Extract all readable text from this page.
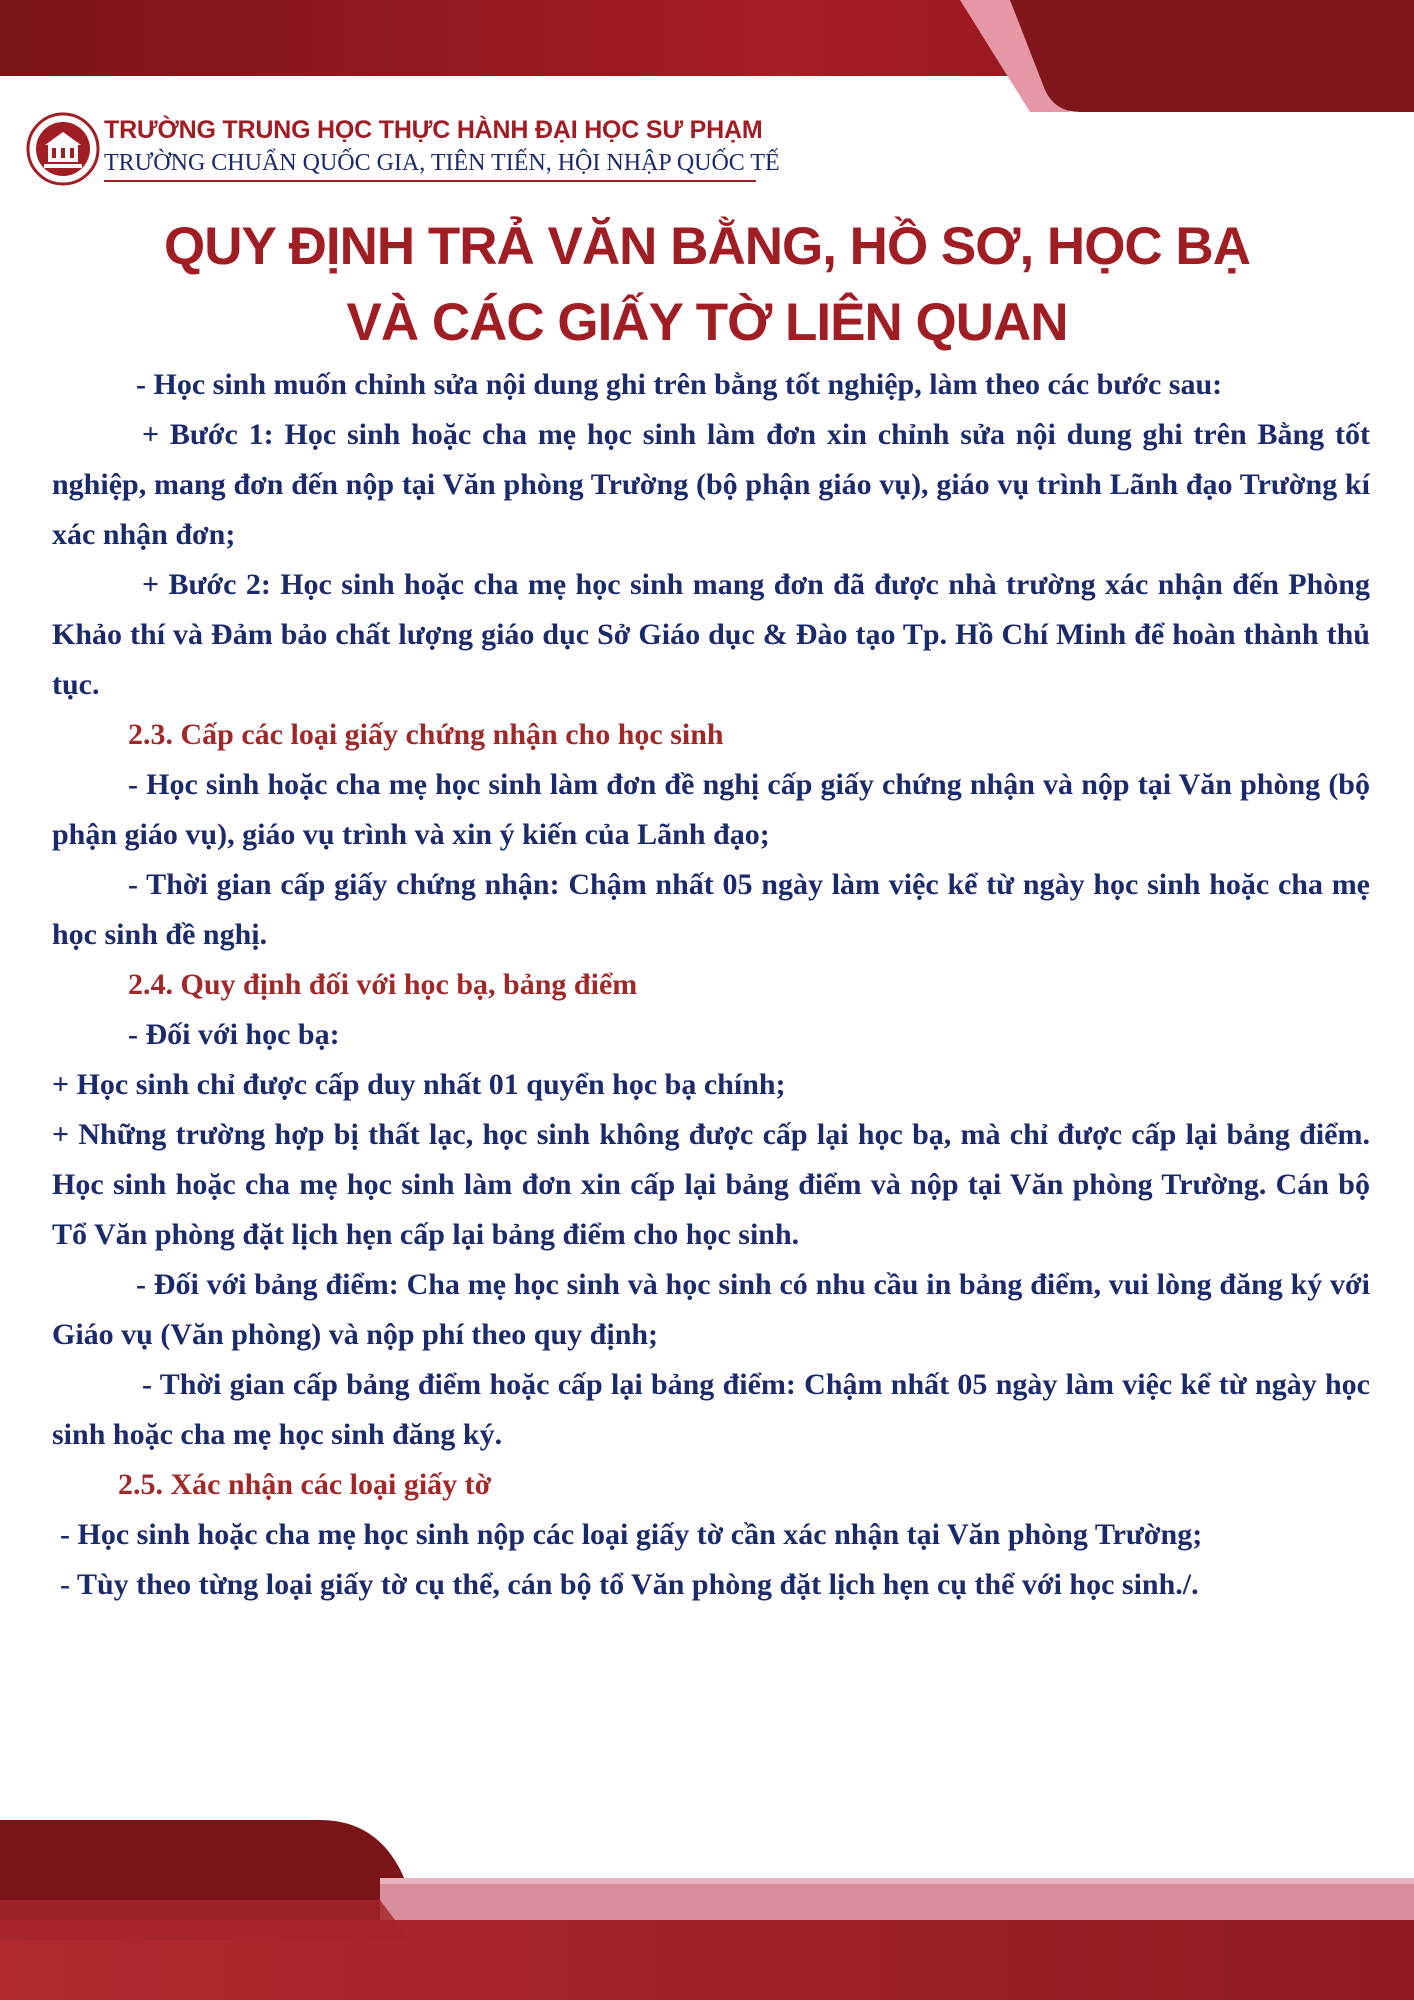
TRƯỜNG TRUNG HỌC THỰC HÀNH ĐẠI HỌC SƯ PHẠM
TRƯỜNG CHUẨN QUỐC GIA, TIÊN TIẾN, HỘI NHẬP QUỐC TẾ
QUY ĐỊNH TRẢ VĂN BẰNG, HỒ SƠ, HỌC BẠ
VÀ CÁC GIẤY TỜ LIÊN QUAN

- Học sinh muốn chỉnh sửa nội dung ghi trên bằng tốt nghiệp, làm theo các bước sau:

+ Bước 1: Học sinh hoặc cha mẹ học sinh làm đơn xin chỉnh sửa nội dung ghi trên Bằng tốt nghiệp, mang đơn đến nộp tại Văn phòng Trường (bộ phận giáo vụ), giáo vụ trình Lãnh đạo Trường kí xác nhận đơn;

+ Bước 2: Học sinh hoặc cha mẹ học sinh mang đơn đã được nhà trường xác nhận đến Phòng Khảo thí và Đảm bảo chất lượng giáo dục Sở Giáo dục & Đào tạo Tp. Hồ Chí Minh để hoàn thành thủ tục.

2.3. Cấp các loại giấy chứng nhận cho học sinh

- Học sinh hoặc cha mẹ học sinh làm đơn đề nghị cấp giấy chứng nhận và nộp tại Văn phòng (bộ phận giáo vụ), giáo vụ trình và xin ý kiến của Lãnh đạo;

- Thời gian cấp giấy chứng nhận: Chậm nhất 05 ngày làm việc kể từ ngày học sinh hoặc cha mẹ học sinh đề nghị.

2.4. Quy định đối với học bạ, bảng điểm

- Đối với học bạ:

+ Học sinh chỉ được cấp duy nhất 01 quyển học bạ chính;

+ Những trường hợp bị thất lạc, học sinh không được cấp lại học bạ, mà chỉ được cấp lại bảng điểm. Học sinh hoặc cha mẹ học sinh làm đơn xin cấp lại bảng điểm và nộp tại Văn phòng Trường. Cán bộ Tổ Văn phòng đặt lịch hẹn cấp lại bảng điểm cho học sinh.

- Đối với bảng điểm: Cha mẹ học sinh và học sinh có nhu cầu in bảng điểm, vui lòng đăng ký với Giáo vụ (Văn phòng) và nộp phí theo quy định;

- Thời gian cấp bảng điểm hoặc cấp lại bảng điểm: Chậm nhất 05 ngày làm việc kể từ ngày học sinh hoặc cha mẹ học sinh đăng ký.

2.5. Xác nhận các loại giấy tờ

- Học sinh hoặc cha mẹ học sinh nộp các loại giấy tờ cần xác nhận tại Văn phòng Trường;

- Tùy theo từng loại giấy tờ cụ thể, cán bộ tổ Văn phòng đặt lịch hẹn cụ thể với học sinh./.
